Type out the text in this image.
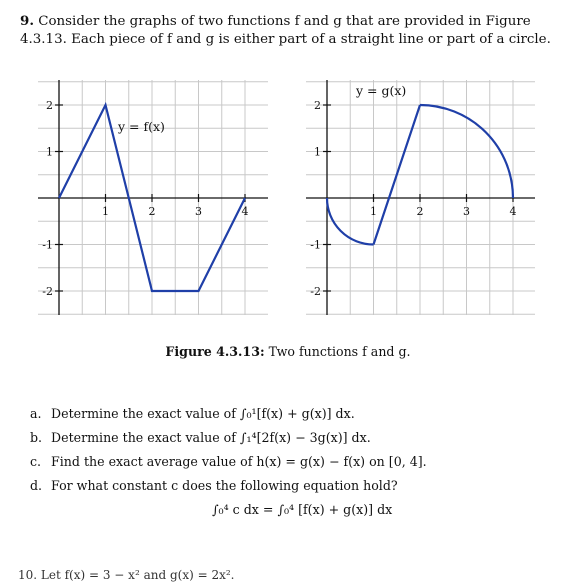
9. Consider the graphs of two functions f and g that are provided in Figure 4.3.13. Each piece of f and g is either part of a straight line or part of a circle.
1	2	3	4
2
1
-1
-2
y = f(x)
1	2	3	4
2
1
-1
-2
y = g(x)
Figure 4.3.13: Two functions f and g.
a. Determine the exact value of ∫₀¹[f(x) + g(x)] dx.
b. Determine the exact value of ∫₁⁴[2f(x) − 3g(x)] dx.
c. Find the exact average value of h(x) = g(x) − f(x) on [0, 4].
d. For what constant c does the following equation hold?
∫₀⁴ c dx = ∫₀⁴ [f(x) + g(x)] dx
10. Let f(x) = 3 − x² and g(x) = 2x².
